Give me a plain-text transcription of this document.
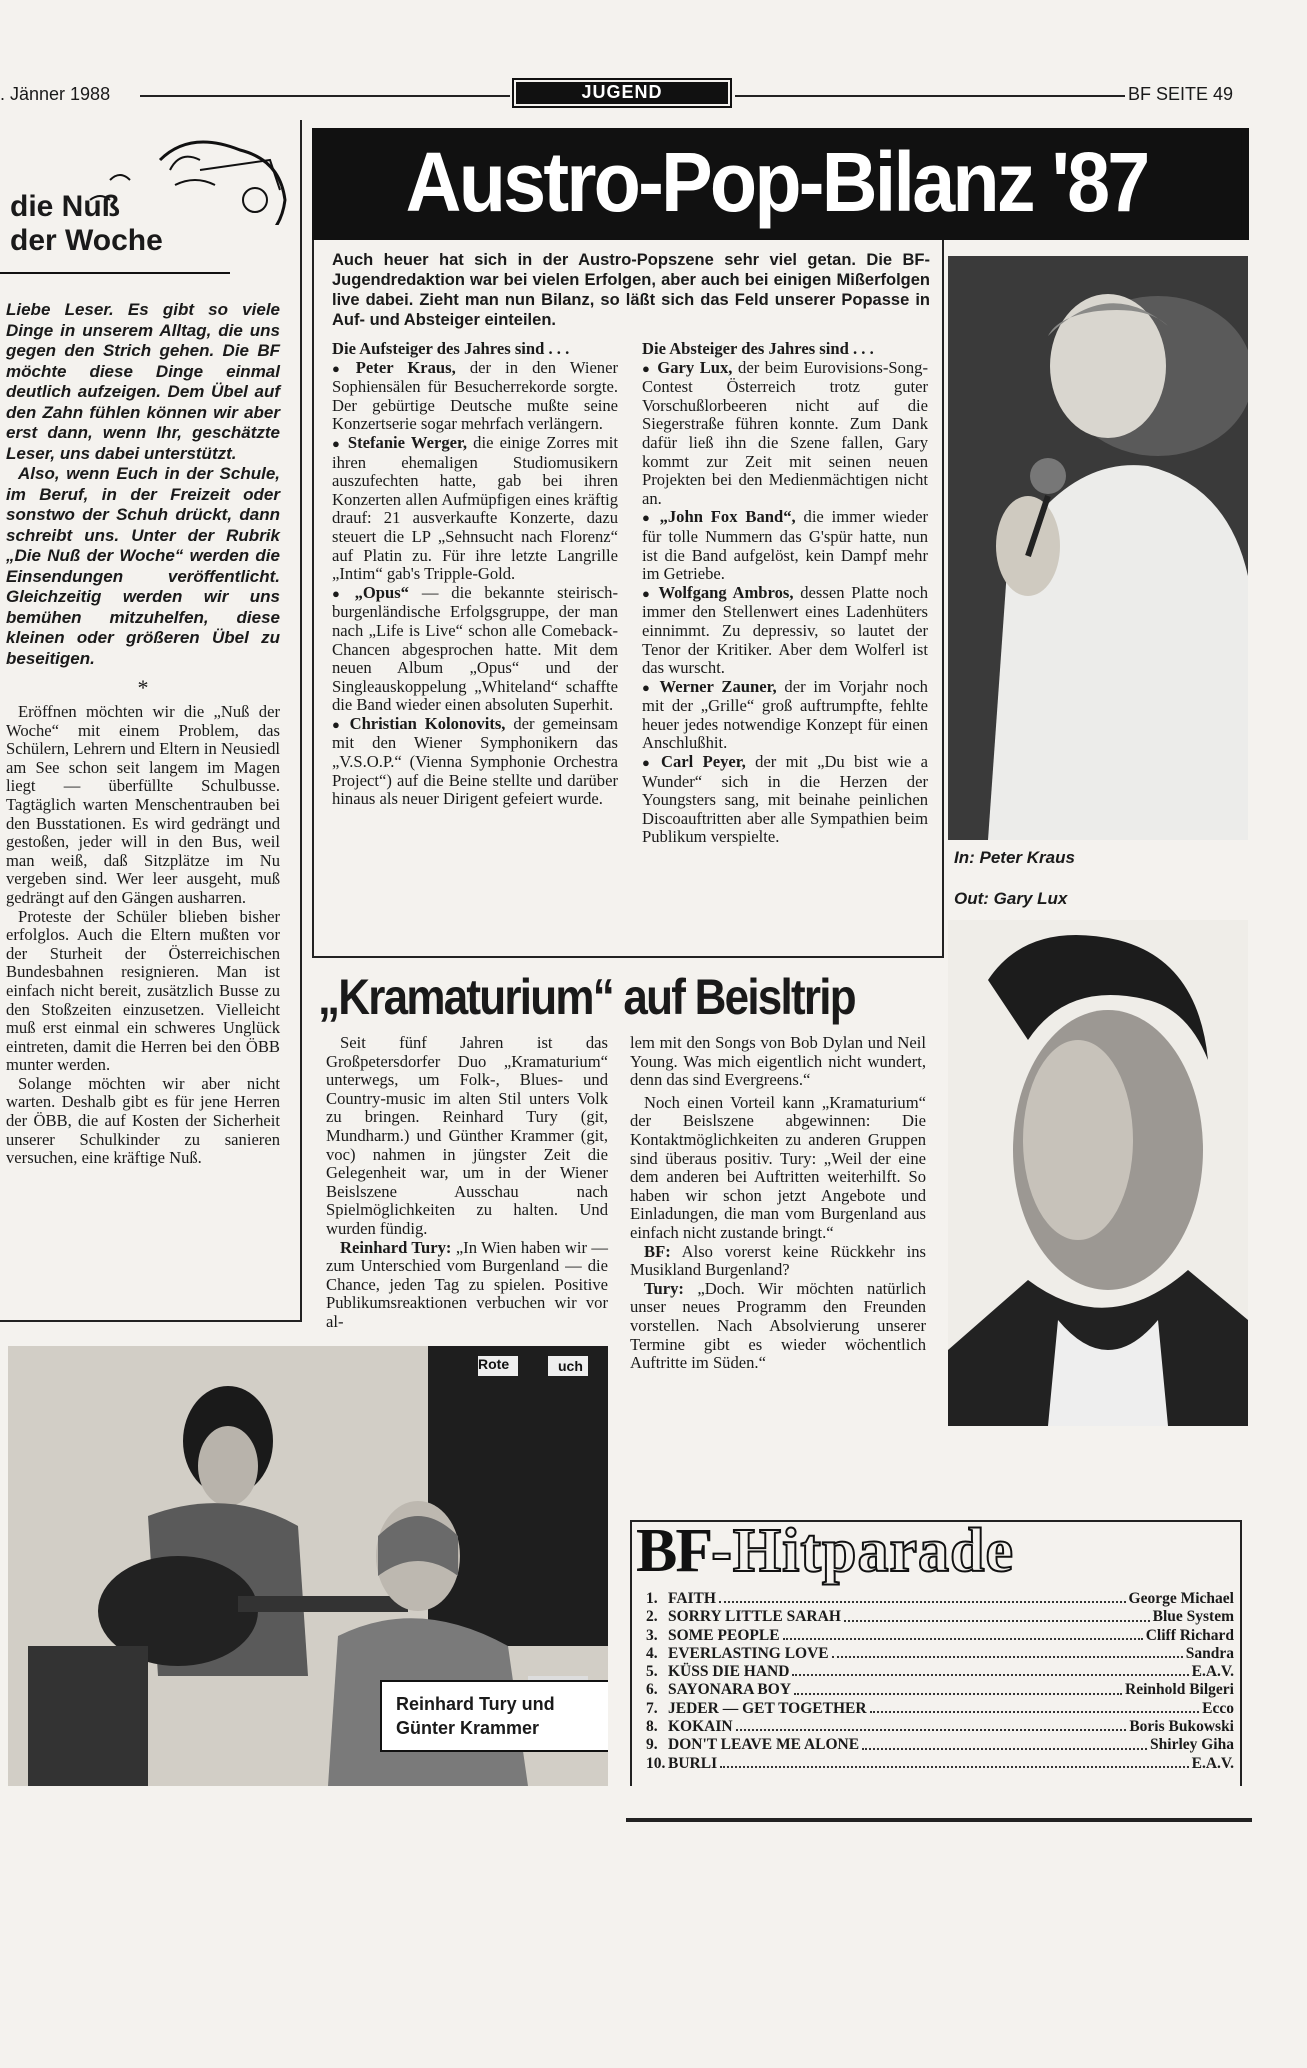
. Jänner 1988	JUGEND	BF SEITE 49
die Nuß
der Woche

Liebe Leser. Es gibt so viele Dinge in unserem Alltag, die uns gegen den Strich gehen. Die BF möchte diese Dinge einmal deutlich aufzeigen. Dem Übel auf den Zahn fühlen können wir aber erst dann, wenn Ihr, geschätzte Leser, uns dabei unterstützt.

Also, wenn Euch in der Schule, im Beruf, in der Freizeit oder sonstwo der Schuh drückt, dann schreibt uns. Unter der Rubrik „Die Nuß der Woche“ werden die Einsendungen veröffentlicht. Gleichzeitig werden wir uns bemühen mitzuhelfen, diese kleinen oder größeren Übel zu beseitigen.

*

Eröffnen möchten wir die „Nuß der Woche“ mit einem Problem, das Schülern, Lehrern und Eltern in Neusiedl am See schon seit langem im Magen liegt — überfüllte Schulbusse. Tagtäglich warten Menschentrauben bei den Busstationen. Es wird gedrängt und gestoßen, jeder will in den Bus, weil man weiß, daß Sitzplätze im Nu vergeben sind. Wer leer ausgeht, muß gedrängt auf den Gängen ausharren.

Proteste der Schüler blieben bisher erfolglos. Auch die Eltern mußten vor der Sturheit der Österreichischen Bundesbahnen resignieren. Man ist einfach nicht bereit, zusätzlich Busse zu den Stoßzeiten einzusetzen. Vielleicht muß erst einmal ein schweres Unglück eintreten, damit die Herren bei den ÖBB munter werden.

Solange möchten wir aber nicht warten. Deshalb gibt es für jene Herren der ÖBB, die auf Kosten der Sicherheit unserer Schulkinder zu sanieren versuchen, eine kräftige Nuß.

Austro-Pop-Bilanz '87
Auch heuer hat sich in der Austro-Popszene sehr viel getan. Die BF-Jugendredaktion war bei vielen Erfolgen, aber auch bei einigen Mißerfolgen live dabei. Zieht man nun Bilanz, so läßt sich das Feld unserer Popasse in Auf- und Absteiger einteilen.

Die Aufsteiger des Jahres sind . . .

● Peter Kraus, der in den Wiener Sophiensälen für Besucherrekorde sorgte. Der gebürtige Deutsche mußte seine Konzertserie sogar mehrfach verlängern.

● Stefanie Werger, die einige Zorres mit ihren ehemaligen Studiomusikern auszufechten hatte, gab bei ihren Konzerten allen Aufmüpfigen eines kräftig drauf: 21 ausverkaufte Konzerte, dazu steuert die LP „Sehnsucht nach Florenz“ auf Platin zu. Für ihre letzte Langrille „Intim“ gab's Tripple-Gold.

● „Opus“ — die bekannte steirisch-burgenländische Erfolgsgruppe, der man nach „Life is Live“ schon alle Comeback-Chancen abgesprochen hatte. Mit dem neuen Album „Opus“ und der Singleauskoppelung „Whiteland“ schaffte die Band wieder einen absoluten Superhit.

● Christian Kolonovits, der gemeinsam mit den Wiener Symphonikern das „V.S.O.P.“ (Vienna Symphonie Orchestra Project“) auf die Beine stellte und darüber hinaus als neuer Dirigent gefeiert wurde.

Die Absteiger des Jahres sind . . .

● Gary Lux, der beim Eurovisions-Song-Contest Österreich trotz guter Vorschußlorbeeren nicht auf die Siegerstraße führen konnte. Zum Dank dafür ließ ihn die Szene fallen, Gary kommt zur Zeit mit seinen neuen Projekten bei den Medienmächtigen nicht an.

● „John Fox Band“, die immer wieder für tolle Nummern das G'spür hatte, nun ist die Band aufgelöst, kein Dampf mehr im Getriebe.

● Wolfgang Ambros, dessen Platte noch immer den Stellenwert eines Ladenhüters einnimmt. Zu depressiv, so lautet der Tenor der Kritiker. Aber dem Wolferl ist das wurscht.

● Werner Zauner, der im Vorjahr noch mit der „Grille“ groß auftrumpfte, fehlte heuer jedes notwendige Konzept für einen Anschlußhit.

● Carl Peyer, der mit „Du bist wie a Wunder“ sich in die Herzen der Youngsters sang, mit beinahe peinlichen Discoauftritten aber alle Sympathien beim Publikum verspielte.

In: Peter Kraus
Out: Gary Lux
„Kramaturium“ auf Beisltrip

Seit fünf Jahren ist das Großpetersdorfer Duo „Kramaturium“ unterwegs, um Folk-, Blues- und Country-music im alten Stil unters Volk zu bringen. Reinhard Tury (git, Mundharm.) und Günther Krammer (git, voc) nahmen in jüngster Zeit die Gelegenheit war, um in der Wiener Beislszene Ausschau nach Spielmöglichkeiten zu halten. Und wurden fündig.

Reinhard Tury: „In Wien haben wir — zum Unterschied vom Burgenland — die Chance, jeden Tag zu spielen. Positive Publikumsreaktionen verbuchen wir vor al-

lem mit den Songs von Bob Dylan und Neil Young. Was mich eigentlich nicht wundert, denn das sind Evergreens.“

Noch einen Vorteil kann „Kramaturium“ der Beislszene abgewinnen: Die Kontaktmöglichkeiten zu anderen Gruppen sind überaus positiv. Tury: „Weil der eine dem anderen bei Auftritten weiterhilft. So haben wir schon jetzt Angebote und Einladungen, die man vom Burgenland aus einfach nicht zustande bringt.“

BF: Also vorerst keine Rückkehr ins Musikland Burgenland?

Tury: „Doch. Wir möchten natürlich unser neues Programm den Freunden vorstellen. Nach Absolvierung unserer Termine gibt es wieder wöchentlich Auftritte im Süden.“

Rote	uch
Reinhard Tury und Günter Krammer
BF-Hitparade
1. FAITH	George Michael
2. SORRY LITTLE SARAH	Blue System
3. SOME PEOPLE	Cliff Richard
4. EVERLASTING LOVE	Sandra
5. KÜSS DIE HAND	E.A.V.
6. SAYONARA BOY	Reinhold Bilgeri
7. JEDER — GET TOGETHER	Ecco
8. KOKAIN	Boris Bukowski
9. DON'T LEAVE ME ALONE	Shirley Giha
10. BURLI	E.A.V.
